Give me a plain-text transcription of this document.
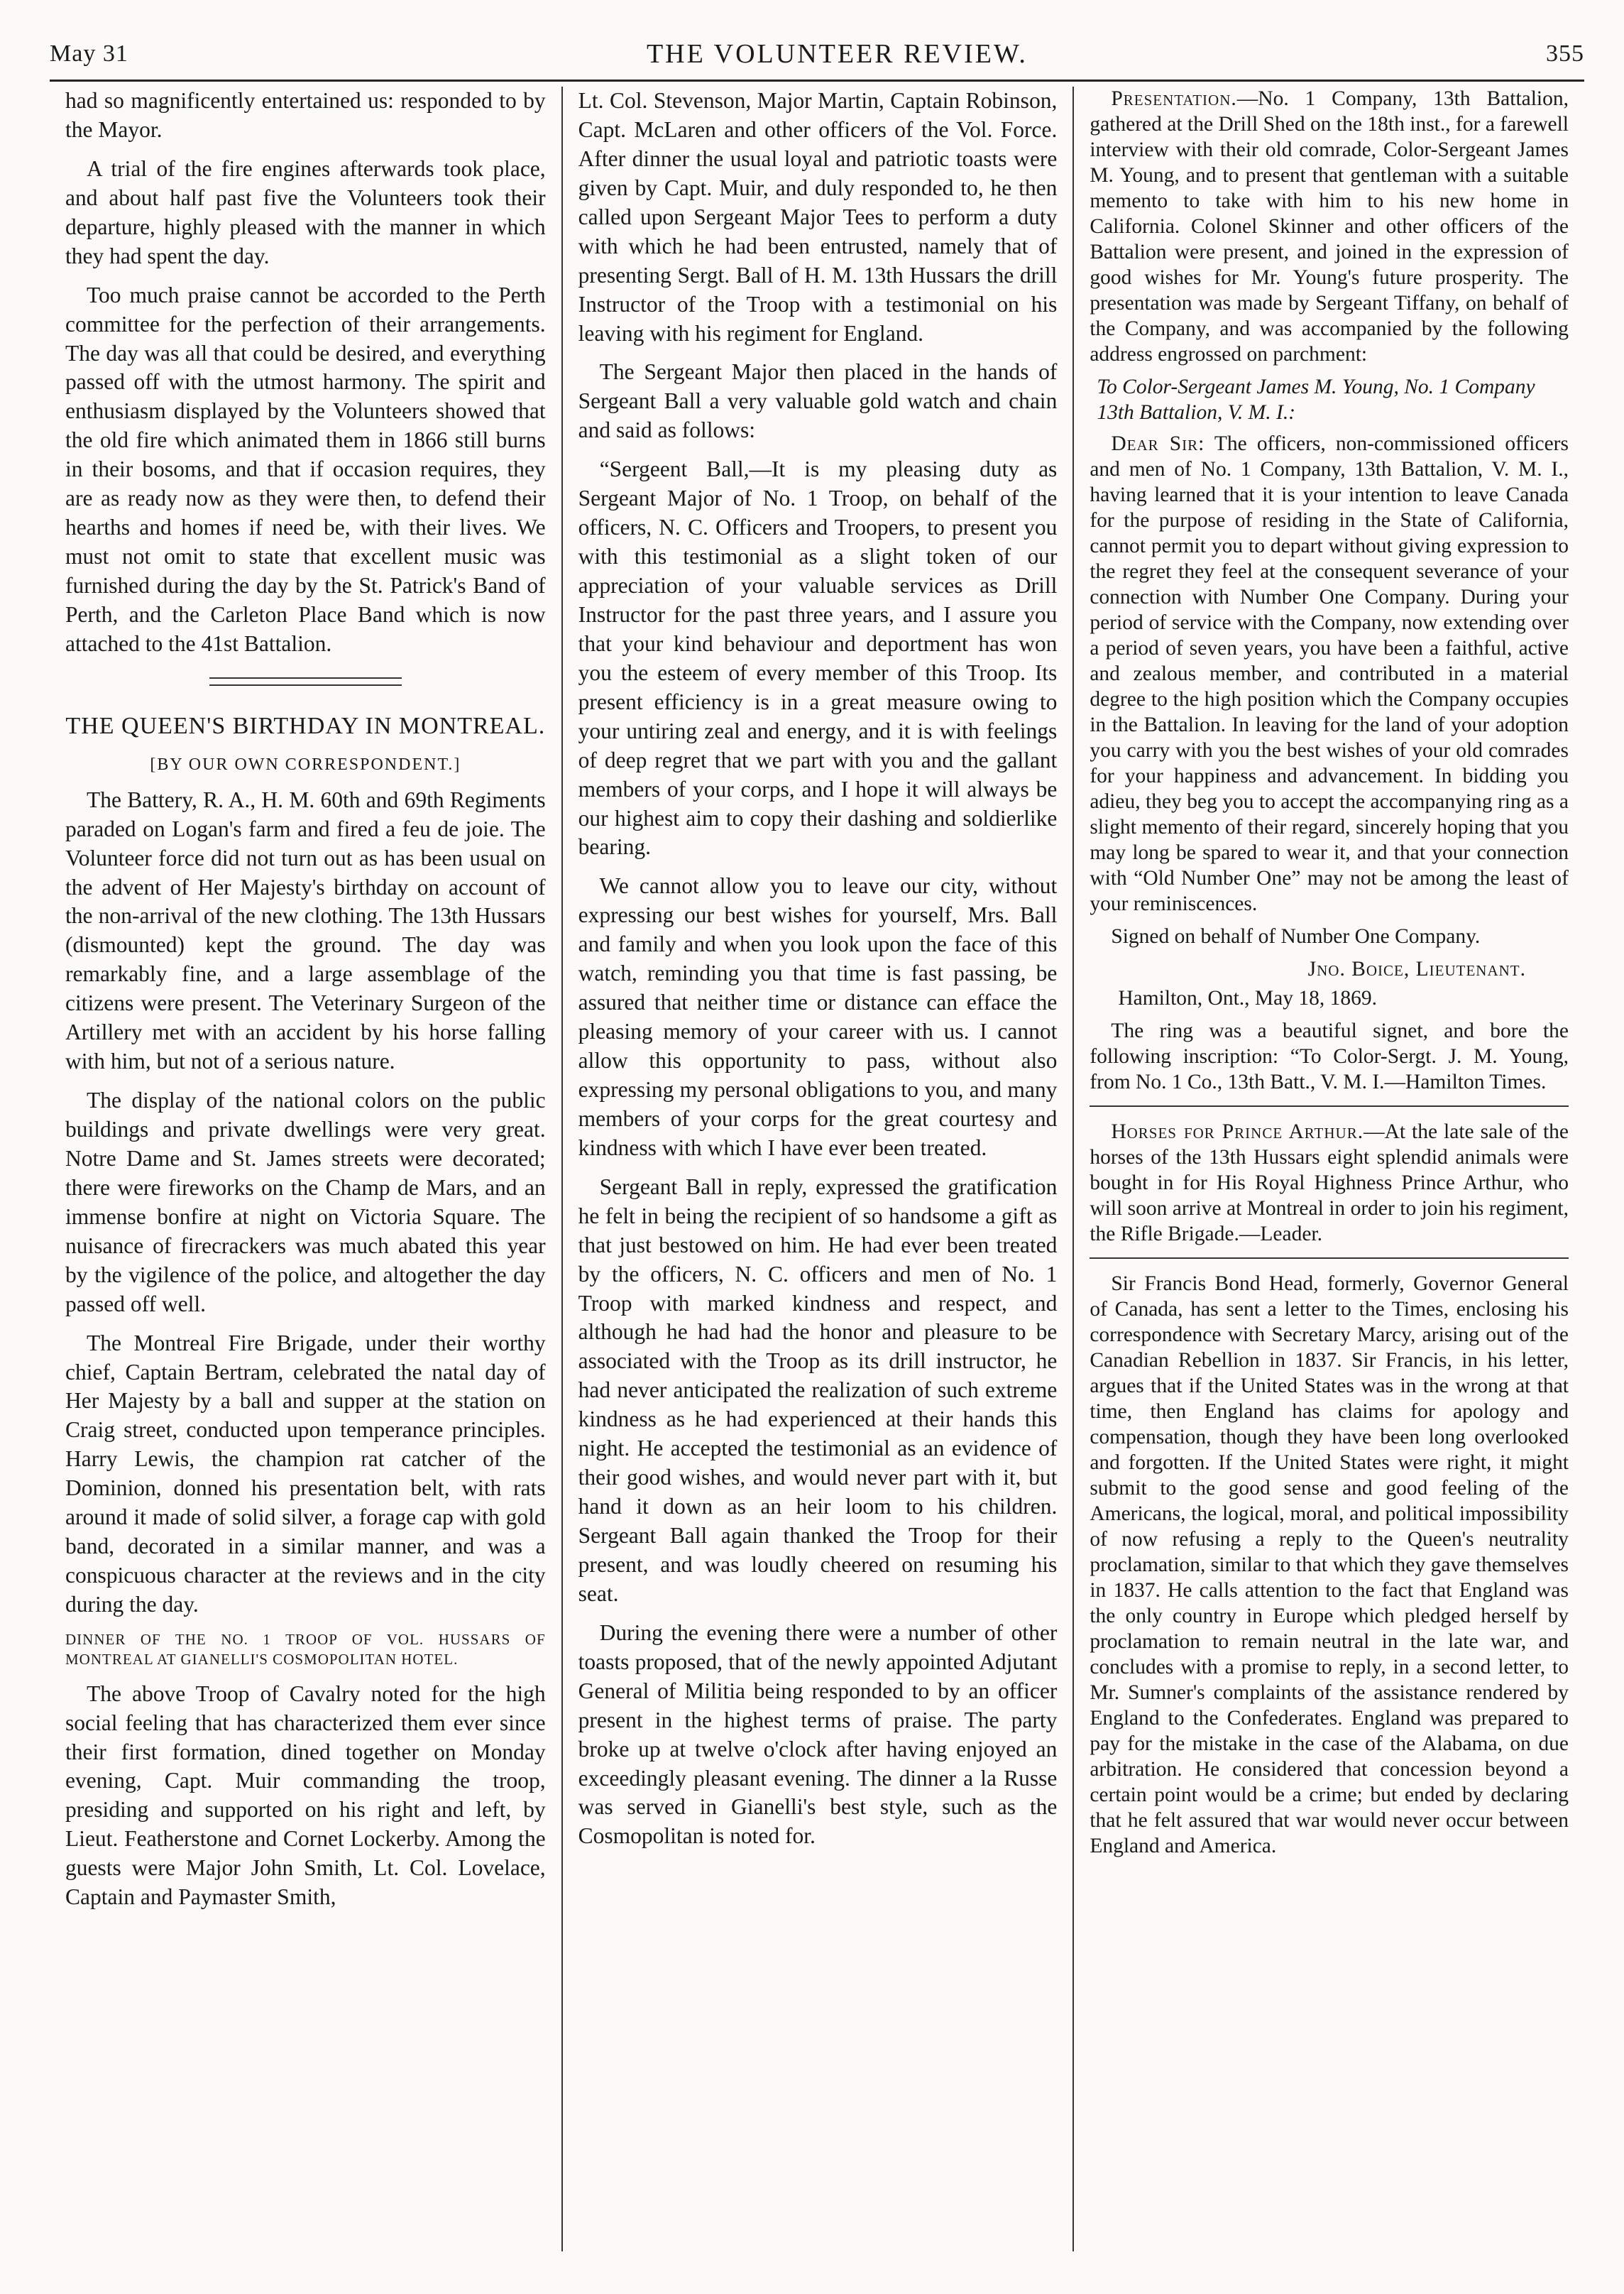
May 31	THE VOLUNTEER REVIEW.	355

had so magnificently entertained us: responded to by the Mayor.

A trial of the fire engines afterwards took place, and about half past five the Volunteers took their departure, highly pleased with the manner in which they had spent the day.

Too much praise cannot be accorded to the Perth committee for the perfection of their arrangements. The day was all that could be desired, and everything passed off with the utmost harmony. The spirit and enthusiasm displayed by the Volunteers showed that the old fire which animated them in 1866 still burns in their bosoms, and that if occasion requires, they are as ready now as they were then, to defend their hearths and homes if need be, with their lives. We must not omit to state that excellent music was furnished during the day by the St. Patrick's Band of Perth, and the Carleton Place Band which is now attached to the 41st Battalion.

THE QUEEN'S BIRTHDAY IN MONTREAL.
[BY OUR OWN CORRESPONDENT.]

The Battery, R. A., H. M. 60th and 69th Regiments paraded on Logan's farm and fired a feu de joie. The Volunteer force did not turn out as has been usual on the advent of Her Majesty's birthday on account of the non-arrival of the new clothing. The 13th Hussars (dismounted) kept the ground. The day was remarkably fine, and a large assemblage of the citizens were present. The Veterinary Surgeon of the Artillery met with an accident by his horse falling with him, but not of a serious nature.

The display of the national colors on the public buildings and private dwellings were very great. Notre Dame and St. James streets were decorated; there were fireworks on the Champ de Mars, and an immense bonfire at night on Victoria Square. The nuisance of firecrackers was much abated this year by the vigilence of the police, and altogether the day passed off well.

The Montreal Fire Brigade, under their worthy chief, Captain Bertram, celebrated the natal day of Her Majesty by a ball and supper at the station on Craig street, conducted upon temperance principles. Harry Lewis, the champion rat catcher of the Dominion, donned his presentation belt, with rats around it made of solid silver, a forage cap with gold band, decorated in a similar manner, and was a conspicuous character at the reviews and in the city during the day.

DINNER OF THE NO. 1 TROOP OF VOL. HUSSARS OF MONTREAL AT GIANELLI'S COSMOPOLITAN HOTEL.

The above Troop of Cavalry noted for the high social feeling that has characterized them ever since their first formation, dined together on Monday evening, Capt. Muir commanding the troop, presiding and supported on his right and left, by Lieut. Featherstone and Cornet Lockerby. Among the guests were Major John Smith, Lt. Col. Lovelace, Captain and Paymaster Smith,

Lt. Col. Stevenson, Major Martin, Captain Robinson, Capt. McLaren and other officers of the Vol. Force. After dinner the usual loyal and patriotic toasts were given by Capt. Muir, and duly responded to, he then called upon Sergeant Major Tees to perform a duty with which he had been entrusted, namely that of presenting Sergt. Ball of H. M. 13th Hussars the drill Instructor of the Troop with a testimonial on his leaving with his regiment for England.

The Sergeant Major then placed in the hands of Sergeant Ball a very valuable gold watch and chain and said as follows:

“Sergeent Ball,—It is my pleasing duty as Sergeant Major of No. 1 Troop, on behalf of the officers, N. C. Officers and Troopers, to present you with this testimonial as a slight token of our appreciation of your valuable services as Drill Instructor for the past three years, and I assure you that your kind behaviour and deportment has won you the esteem of every member of this Troop. Its present efficiency is in a great measure owing to your untiring zeal and energy, and it is with feelings of deep regret that we part with you and the gallant members of your corps, and I hope it will always be our highest aim to copy their dashing and soldierlike bearing.

We cannot allow you to leave our city, without expressing our best wishes for yourself, Mrs. Ball and family and when you look upon the face of this watch, reminding you that time is fast passing, be assured that neither time or distance can efface the pleasing memory of your career with us. I cannot allow this opportunity to pass, without also expressing my personal obligations to you, and many members of your corps for the great courtesy and kindness with which I have ever been treated.

Sergeant Ball in reply, expressed the gratification he felt in being the recipient of so handsome a gift as that just bestowed on him. He had ever been treated by the officers, N. C. officers and men of No. 1 Troop with marked kindness and respect, and although he had had the honor and pleasure to be associated with the Troop as its drill instructor, he had never anticipated the realization of such extreme kindness as he had experienced at their hands this night. He accepted the testimonial as an evidence of their good wishes, and would never part with it, but hand it down as an heir loom to his children. Sergeant Ball again thanked the Troop for their present, and was loudly cheered on resuming his seat.

During the evening there were a number of other toasts proposed, that of the newly appointed Adjutant General of Militia being responded to by an officer present in the highest terms of praise. The party broke up at twelve o'clock after having enjoyed an exceedingly pleasant evening. The dinner a la Russe was served in Gianelli's best style, such as the Cosmopolitan is noted for.

Presentation.—No. 1 Company, 13th Battalion, gathered at the Drill Shed on the 18th inst., for a farewell interview with their old comrade, Color-Sergeant James M. Young, and to present that gentleman with a suitable memento to take with him to his new home in California. Colonel Skinner and other officers of the Battalion were present, and joined in the expression of good wishes for Mr. Young's future prosperity. The presentation was made by Sergeant Tiffany, on behalf of the Company, and was accompanied by the following address engrossed on parchment:

To Color-Sergeant James M. Young, No. 1 Company 13th Battalion, V. M. I.:

Dear Sir: The officers, non-commissioned officers and men of No. 1 Company, 13th Battalion, V. M. I., having learned that it is your intention to leave Canada for the purpose of residing in the State of California, cannot permit you to depart without giving expression to the regret they feel at the consequent severance of your connection with Number One Company. During your period of service with the Company, now extending over a period of seven years, you have been a faithful, active and zealous member, and contributed in a material degree to the high position which the Company occupies in the Battalion. In leaving for the land of your adoption you carry with you the best wishes of your old comrades for your happiness and advancement. In bidding you adieu, they beg you to accept the accompanying ring as a slight memento of their regard, sincerely hoping that you may long be spared to wear it, and that your connection with “Old Number One” may not be among the least of your reminiscences.

Signed on behalf of Number One Company.

Jno. Boice, Lieutenant.
Hamilton, Ont., May 18, 1869.

The ring was a beautiful signet, and bore the following inscription: “To Color-Sergt. J. M. Young, from No. 1 Co., 13th Batt., V. M. I.—Hamilton Times.

Horses for Prince Arthur.—At the late sale of the horses of the 13th Hussars eight splendid animals were bought in for His Royal Highness Prince Arthur, who will soon arrive at Montreal in order to join his regiment, the Rifle Brigade.—Leader.

Sir Francis Bond Head, formerly, Governor General of Canada, has sent a letter to the Times, enclosing his correspondence with Secretary Marcy, arising out of the Canadian Rebellion in 1837. Sir Francis, in his letter, argues that if the United States was in the wrong at that time, then England has claims for apology and compensation, though they have been long overlooked and forgotten. If the United States were right, it might submit to the good sense and good feeling of the Americans, the logical, moral, and political impossibility of now refusing a reply to the Queen's neutrality proclamation, similar to that which they gave themselves in 1837. He calls attention to the fact that England was the only country in Europe which pledged herself by proclamation to remain neutral in the late war, and concludes with a promise to reply, in a second letter, to Mr. Sumner's complaints of the assistance rendered by England to the Confederates. England was prepared to pay for the mistake in the case of the Alabama, on due arbitration. He considered that concession beyond a certain point would be a crime; but ended by declaring that he felt assured that war would never occur between England and America.
